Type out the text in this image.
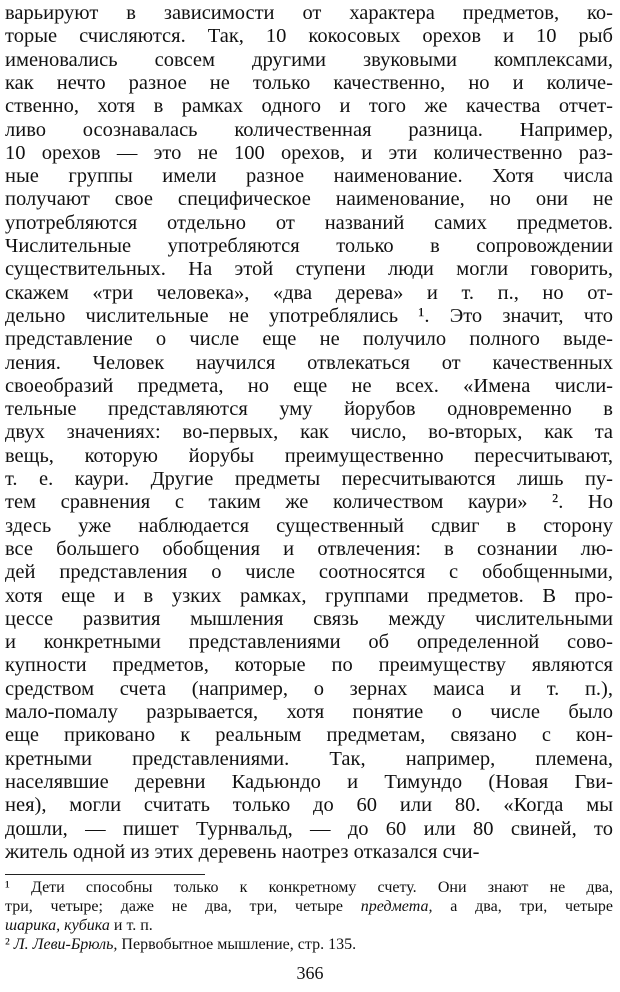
варьируют в зависимости от характера предметов, ко-
торые счисляются. Так, 10 кокосовых орехов и 10 рыб
именовались совсем другими звуковыми комплексами,
как нечто разное не только качественно, но и количе-
ственно, хотя в рамках одного и того же качества отчет-
ливо осознавалась количественная разница. Например,
10 орехов — это не 100 орехов, и эти количественно раз-
ные группы имели разное наименование. Хотя числа
получают свое специфическое наименование, но они не
употребляются отдельно от названий самих предметов.
Числительные употребляются только в сопровождении
существительных. На этой ступени люди могли говорить,
скажем «три человека», «два дерева» и т. п., но от-
дельно числительные не употреблялись ¹. Это значит, что
представление о числе еще не получило полного выде-
ления. Человек научился отвлекаться от качественных
своеобразий предмета, но еще не всех. «Имена числи-
тельные представляются уму йорубов одновременно в
двух значениях: во-первых, как число, во-вторых, как та
вещь, которую йорубы преимущественно пересчитывают,
т. е. каури. Другие предметы пересчитываются лишь пу-
тем сравнения с таким же количеством каури» ². Но
здесь уже наблюдается существенный сдвиг в сторону
все большего обобщения и отвлечения: в сознании лю-
дей представления о числе соотносятся с обобщенными,
хотя еще и в узких рамках, группами предметов. В про-
цессе развития мышления связь между числительными
и конкретными представлениями об определенной сово-
купности предметов, которые по преимуществу являются
средством счета (например, о зернах маиса и т. п.),
мало-помалу разрывается, хотя понятие о числе было
еще приковано к реальным предметам, связано с кон-
кретными представлениями. Так, например, племена,
населявшие деревни Кадьюндо и Тимундо (Новая Гви-
нея), могли считать только до 60 или 80. «Когда мы
дошли, — пишет Турнвальд, — до 60 или 80 свиней, то
житель одной из этих деревень наотрез отказался счи-
¹ Дети способны только к конкретному счету. Они знают не два,
три, четыре; даже не два, три, четыре предмета, а два, три, четыре
шарика, кубика и т. п.
² Л. Леви-Брюль, Первобытное мышление, стр. 135.
366
